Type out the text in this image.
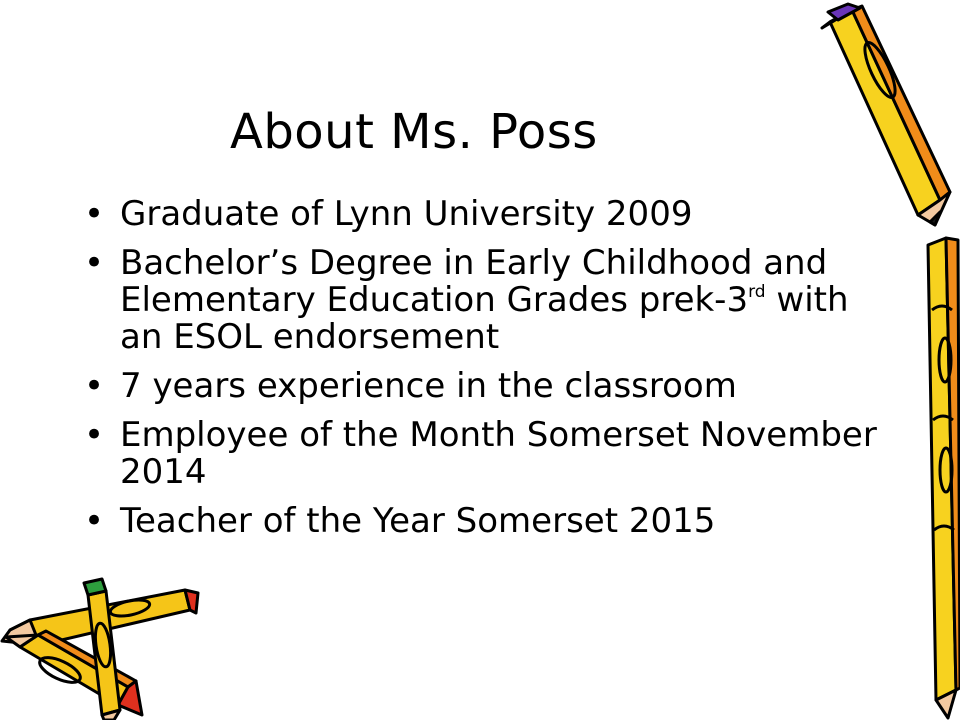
About Ms. Poss
• Graduate of Lynn University 2009
• Bachelor’s Degree in Early Childhood and Elementary Education Grades prek-3rd with an ESOL endorsement
• 7 years experience in the classroom
• Employee of the Month Somerset November 2014
• Teacher of the Year Somerset 2015
